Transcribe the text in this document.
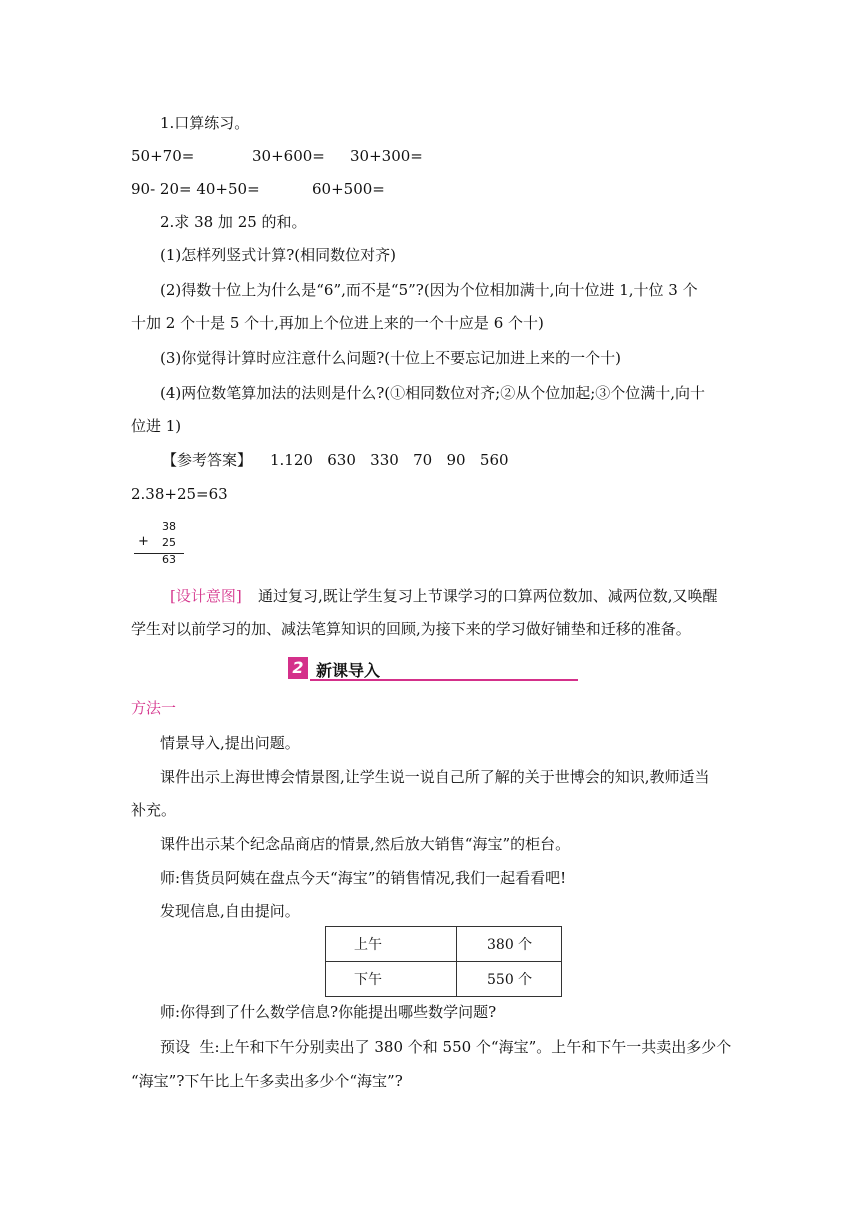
1.口算练习。
50+70=	30+600= 30+300=
90- 20= 40+50=	60+500=
2.求 38 加 25 的和。
(1)怎样列竖式计算?(相同数位对齐)
(2)得数十位上为什么是“6”,而不是“5”?(因为个位相加满十,向十位进 1,十位 3 个
十加 2 个十是 5 个十,再加上个位进上来的一个十应是 6 个十)
(3)你觉得计算时应注意什么问题?(十位上不要忘记加进上来的一个十)
(4)两位数笔算加法的法则是什么?(①相同数位对齐;②从个位加起;③个位满十,向十
位进 1)
【参考答案】 1.120   630   330   70   90   560
2.38+25=63
38
+ 25
63
[设计意图] 通过复习,既让学生复习上节课学习的口算两位数加、减两位数,又唤醒
学生对以前学习的加、减法笔算知识的回顾,为接下来的学习做好铺垫和迁移的准备。
2 新课导入
方法一
情景导入,提出问题。
课件出示上海世博会情景图,让学生说一说自己所了解的关于世博会的知识,教师适当
补充。
课件出示某个纪念品商店的情景,然后放大销售“海宝”的柜台。
师:售货员阿姨在盘点今天“海宝”的销售情况,我们一起看看吧!
发现信息,自由提问。
上午	380 个
下午	550 个
师:你得到了什么数学信息?你能提出哪些数学问题?
预设  生:上午和下午分别卖出了 380 个和 550 个“海宝”。上午和下午一共卖出多少个
“海宝”?下午比上午多卖出多少个“海宝”?
